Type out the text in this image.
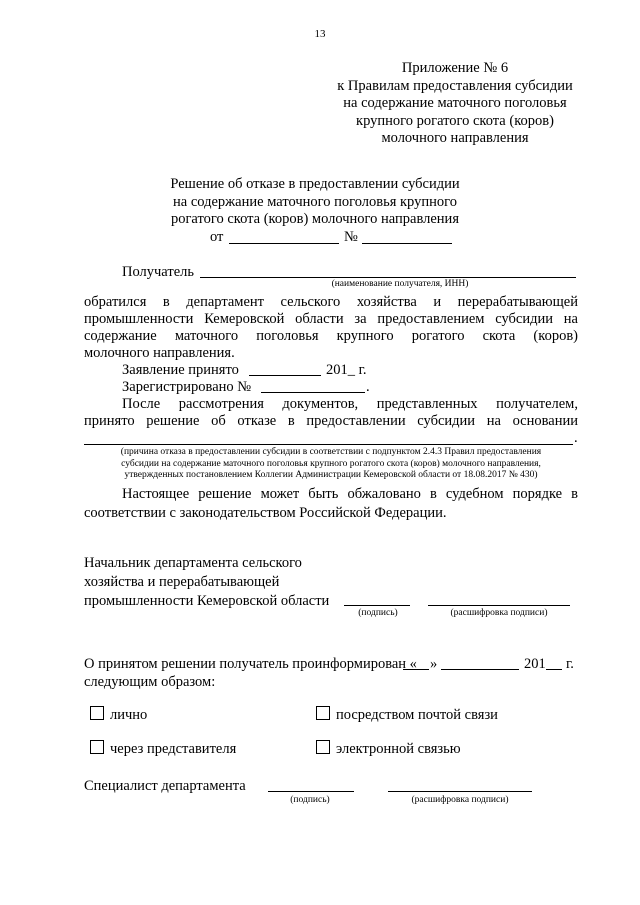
13
Приложение № 6
к Правилам предоставления субсидии
на содержание маточного поголовья
крупного рогатого скота (коров)
молочного направления
Решение об отказе в предоставлении субсидии
на содержание маточного поголовья крупного
рогатого скота (коров) молочного направления
от	№
Получатель
(наименование получателя, ИНН)
обратился в департамент сельского хозяйства и перерабатывающей
промышленности Кемеровской области за предоставлением субсидии на
содержание маточного поголовья крупного рогатого скота (коров)
молочного направления.
Заявление принято	201_ г.
Зарегистрировано №	.
После рассмотрения документов, представленных получателем,
принято решение об отказе в предоставлении субсидии на основании
.
(причина отказа в предоставлении субсидии в соответствии с подпунктом 2.4.3 Правил предоставления
субсидии на содержание маточного поголовья крупного рогатого скота (коров) молочного направления,
утвержденных постановлением Коллегии Администрации Кемеровской области от 18.08.2017 № 430)
Настоящее решение может быть обжаловано в судебном порядке в
соответствии с законодательством Российской Федерации.
Начальник департамента сельского
хозяйства и перерабатывающей
промышленности Кемеровской области
(подпись)	(расшифровка подписи)
О принятом решении получатель проинформирован « »	201 г.
следующим образом:
лично	посредством почтой связи
через представителя	электронной связью
Специалист департамента
(подпись)	(расшифровка подписи)
